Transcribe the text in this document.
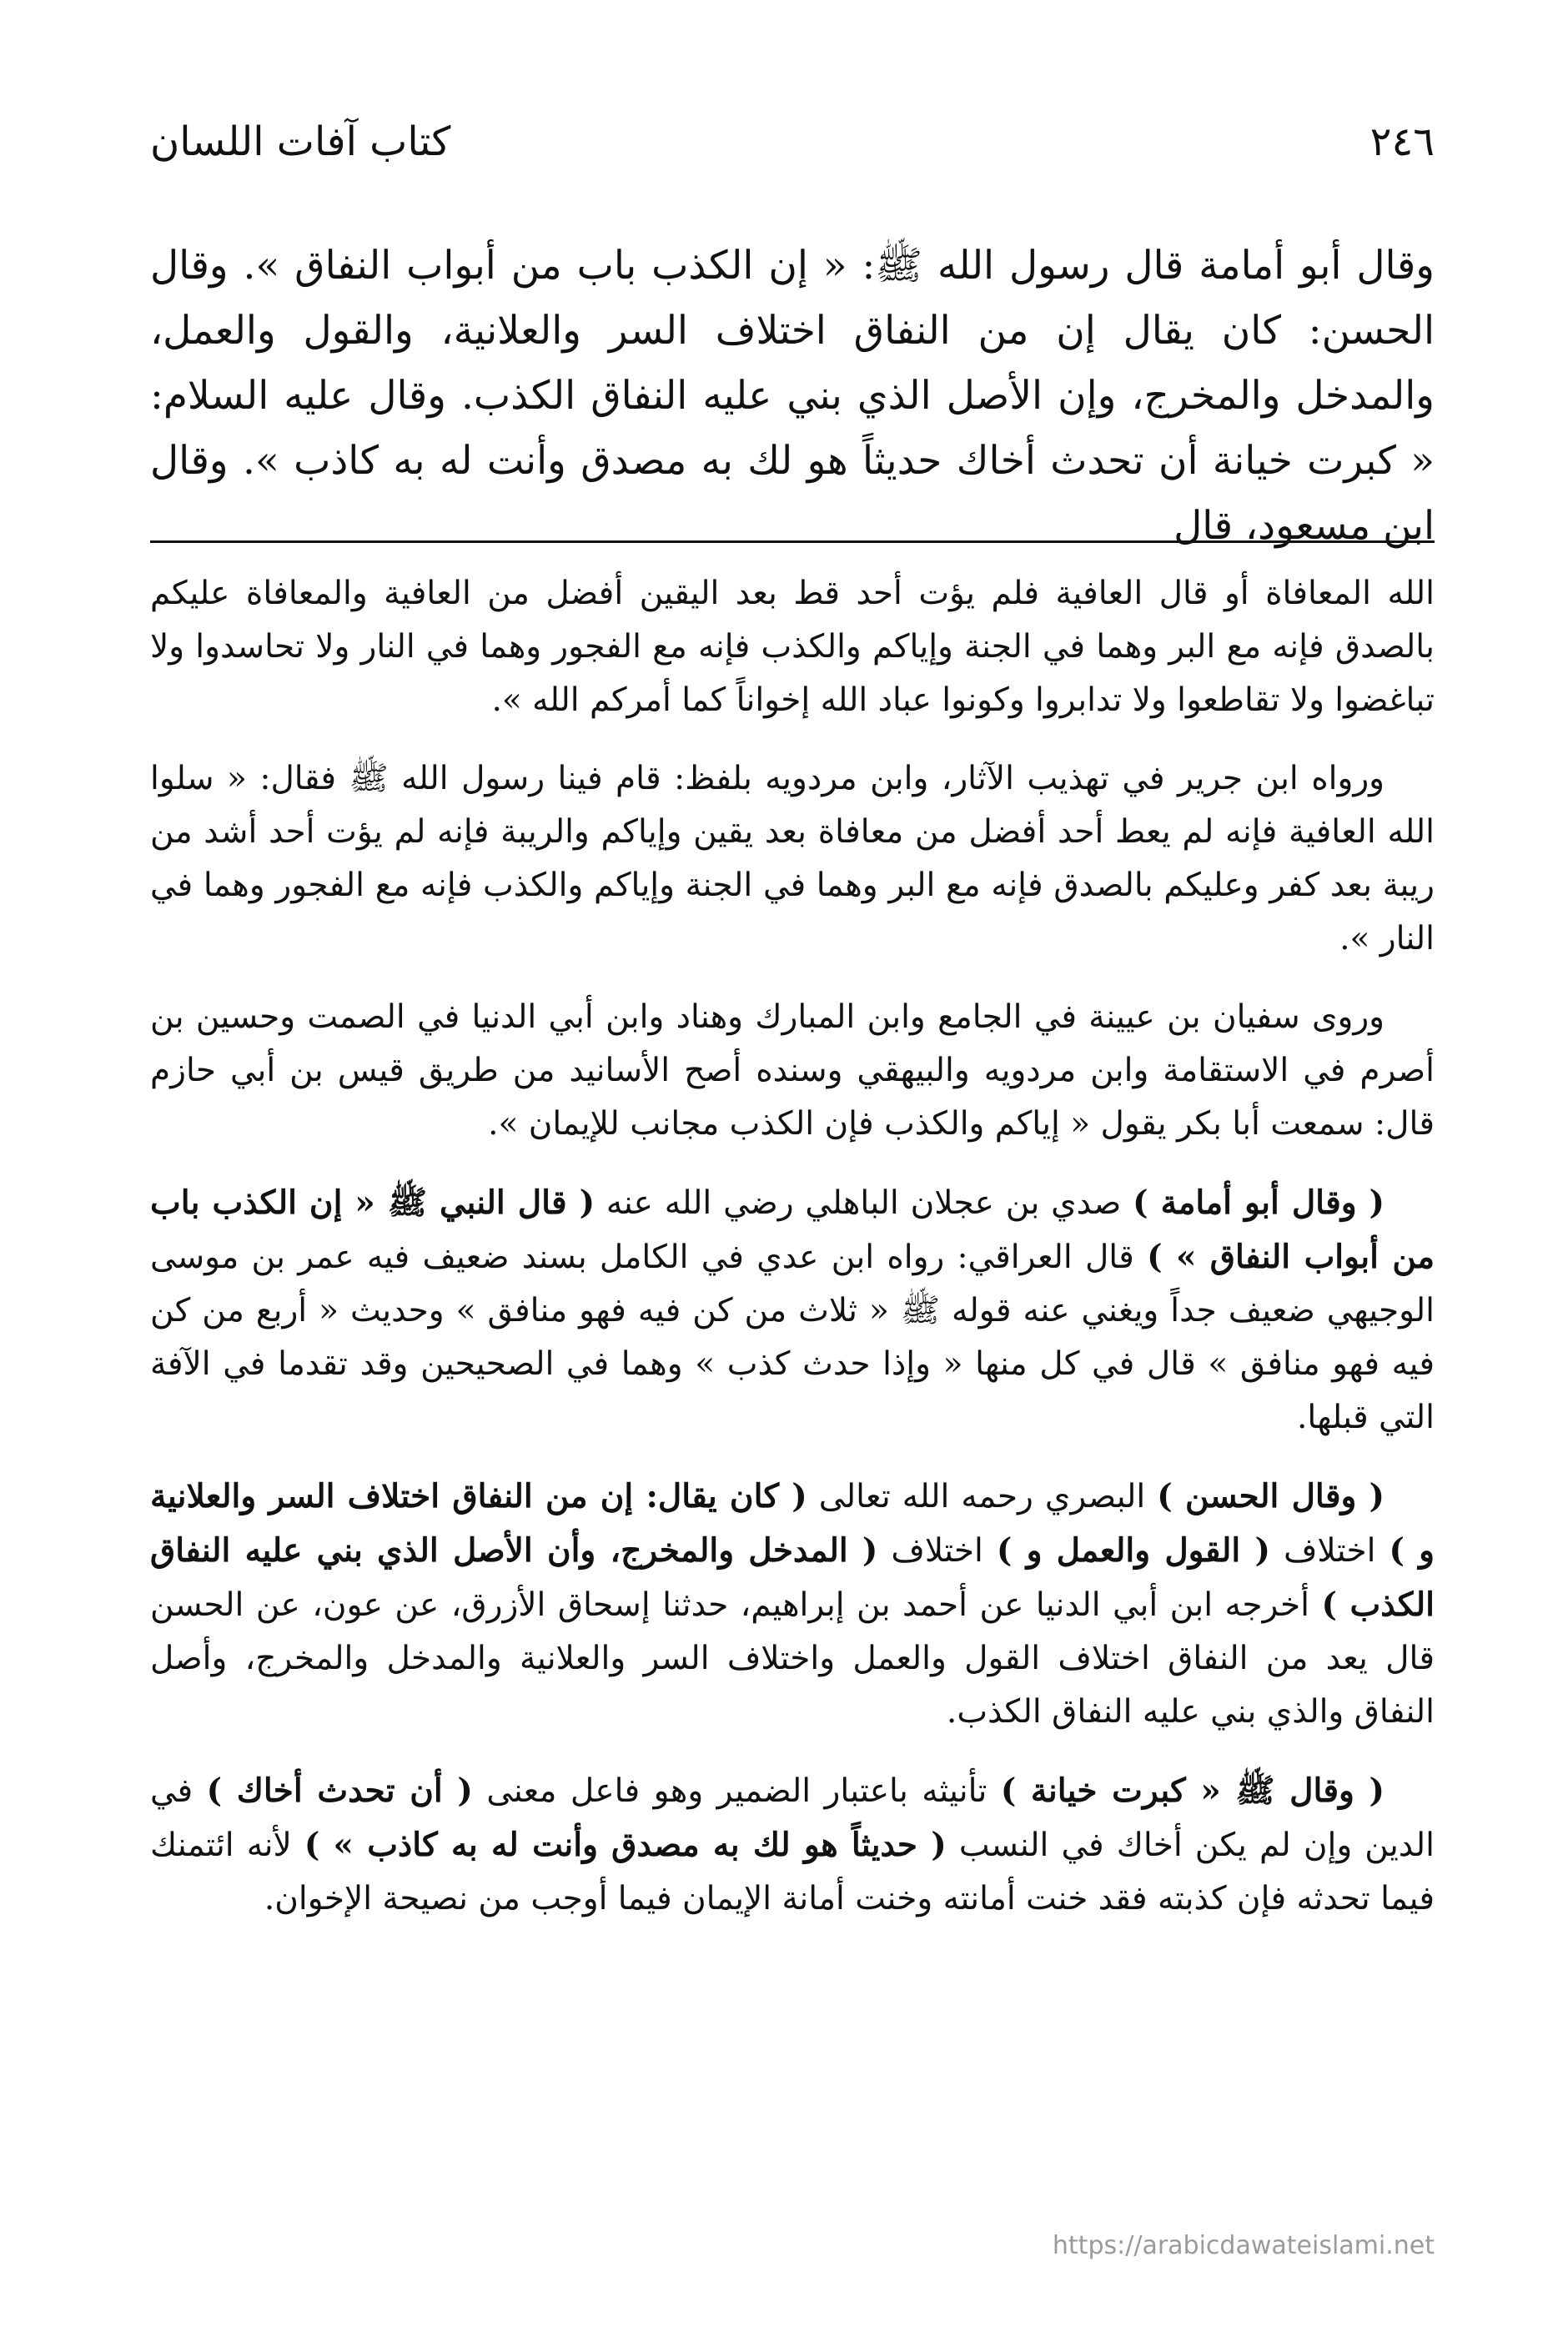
٢٤٦
كتاب آفات اللسان
وقال أبو أمامة قال رسول الله ﷺ: « إن الكذب باب من أبواب النفاق ». وقال الحسن: كان يقال إن من النفاق اختلاف السر والعلانية، والقول والعمل، والمدخل والمخرج، وإن الأصل الذي بني عليه النفاق الكذب. وقال عليه السلام: « كبرت خيانة أن تحدث أخاك حديثاً هو لك به مصدق وأنت له به كاذب ». وقال ابن مسعود، قال

الله المعافاة أو قال العافية فلم يؤت أحد قط بعد اليقين أفضل من العافية والمعافاة عليكم بالصدق فإنه مع البر وهما في الجنة وإياكم والكذب فإنه مع الفجور وهما في النار ولا تحاسدوا ولا تباغضوا ولا تقاطعوا ولا تدابروا وكونوا عباد الله إخواناً كما أمركم الله ».

ورواه ابن جرير في تهذيب الآثار، وابن مردويه بلفظ: قام فينا رسول الله ﷺ فقال: « سلوا الله العافية فإنه لم يعط أحد أفضل من معافاة بعد يقين وإياكم والريبة فإنه لم يؤت أحد أشد من ريبة بعد كفر وعليكم بالصدق فإنه مع البر وهما في الجنة وإياكم والكذب فإنه مع الفجور وهما في النار ».

وروى سفيان بن عيينة في الجامع وابن المبارك وهناد وابن أبي الدنيا في الصمت وحسين بن أصرم في الاستقامة وابن مردويه والبيهقي وسنده أصح الأسانيد من طريق قيس بن أبي حازم قال: سمعت أبا بكر يقول « إياكم والكذب فإن الكذب مجانب للإيمان ».

( وقال أبو أمامة ) صدي بن عجلان الباهلي رضي الله عنه ( قال النبي ﷺ « إن الكذب باب من أبواب النفاق » ) قال العراقي: رواه ابن عدي في الكامل بسند ضعيف فيه عمر بن موسى الوجيهي ضعيف جداً ويغني عنه قوله ﷺ « ثلاث من كن فيه فهو منافق » وحديث « أربع من كن فيه فهو منافق » قال في كل منها « وإذا حدث كذب » وهما في الصحيحين وقد تقدما في الآفة التي قبلها.

( وقال الحسن ) البصري رحمه الله تعالى ( كان يقال: إن من النفاق اختلاف السر والعلانية و ) اختلاف ( القول والعمل و ) اختلاف ( المدخل والمخرج، وأن الأصل الذي بني عليه النفاق الكذب ) أخرجه ابن أبي الدنيا عن أحمد بن إبراهيم، حدثنا إسحاق الأزرق، عن عون، عن الحسن قال يعد من النفاق اختلاف القول والعمل واختلاف السر والعلانية والمدخل والمخرج، وأصل النفاق والذي بني عليه النفاق الكذب.

( وقال ﷺ « كبرت خيانة ) تأنيثه باعتبار الضمير وهو فاعل معنى ( أن تحدث أخاك ) في الدين وإن لم يكن أخاك في النسب ( حديثاً هو لك به مصدق وأنت له به كاذب » ) لأنه ائتمنك فيما تحدثه فإن كذبته فقد خنت أمانته وخنت أمانة الإيمان فيما أوجب من نصيحة الإخوان.

https://arabicdawateislami.net
